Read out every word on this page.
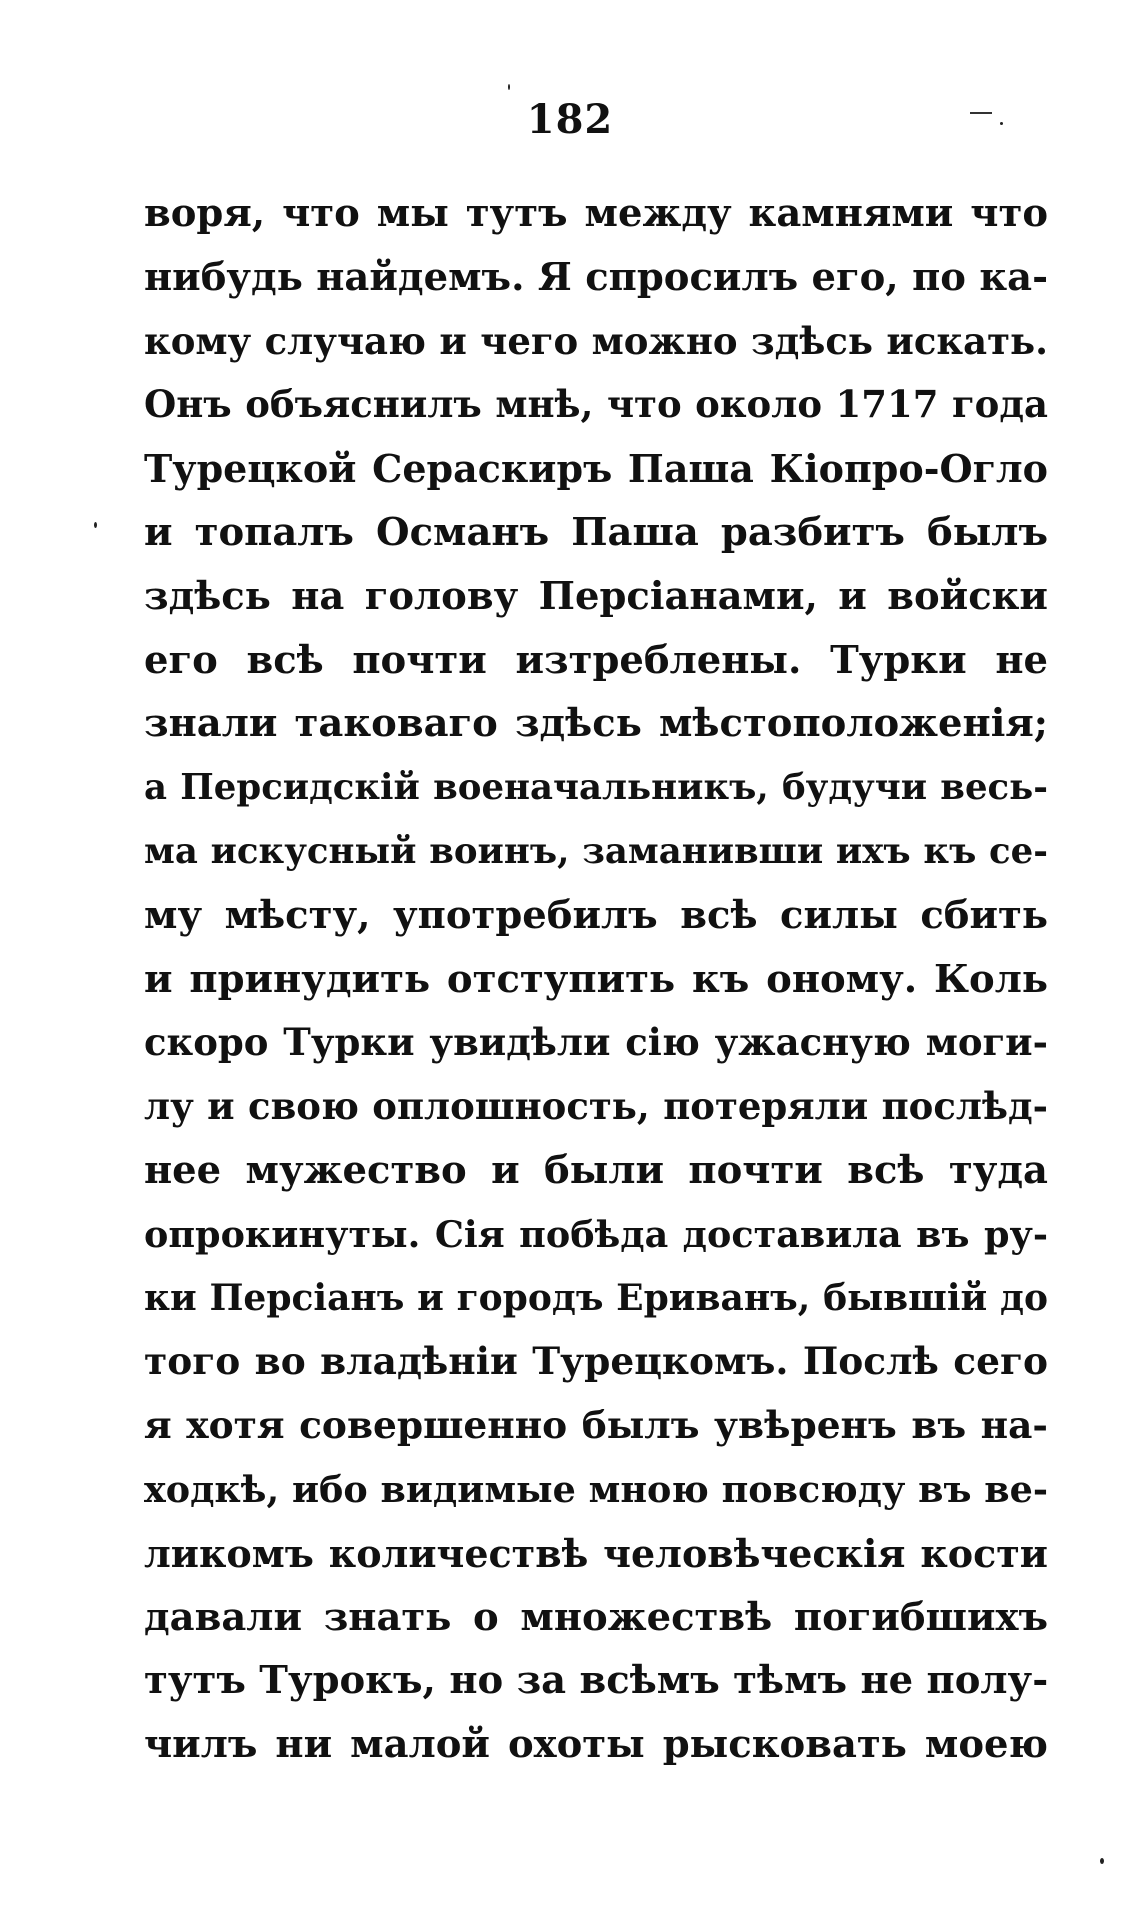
182
воря, что мы тутъ между камнями что
нибудь найдемъ. Я спросилъ его, по ка-
кому случаю и чего можно здѣсь искать.
Онъ объяснилъ мнѣ, что около 1717 года
Турецкой Сераскиръ Паша Кіопро-Огло
и топалъ Османъ Паша разбитъ былъ
здѣсь на голову Персіанами, и войски
его всѣ почти изтреблены. Турки не
знали таковаго здѣсь мѣстоположенія;
а Персидскій военачальникъ, будучи весь-
ма искусный воинъ, заманивши ихъ къ се-
му мѣсту, употребилъ всѣ силы сбить
и принудить отступить къ оному. Коль
скоро Турки увидѣли сію ужасную моги-
лу и свою оплошность, потеряли послѣд-
нее мужество и были почти всѣ туда
опрокинуты. Сія побѣда доставила въ ру-
ки Персіанъ и городъ Ериванъ, бывшій до
того во владѣніи Турецкомъ. Послѣ сего
я хотя совершенно былъ увѣренъ въ на-
ходкѣ, ибо видимые мною повсюду въ ве-
ликомъ количествѣ человѣческія кости
давали знать о множествѣ погибшихъ
тутъ Турокъ, но за всѣмъ тѣмъ не полу-
чилъ ни малой охоты рысковать моею
